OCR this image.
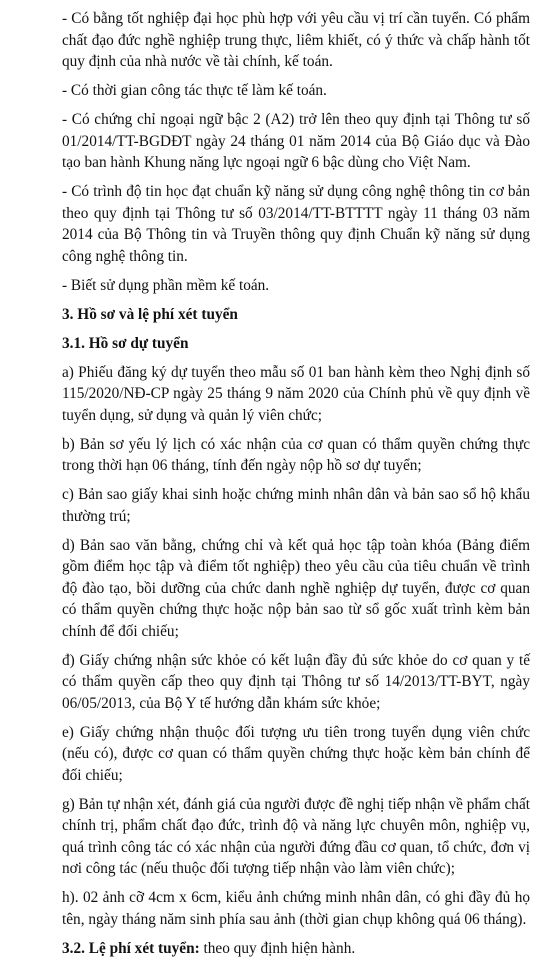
- Có bằng tốt nghiệp đại học phù hợp với yêu cầu vị trí cần tuyển. Có phẩm chất đạo đức nghề nghiệp trung thực, liêm khiết, có ý thức và chấp hành tốt quy định của nhà nước về tài chính, kế toán.

- Có thời gian công tác thực tế làm kế toán.

- Có chứng chỉ ngoại ngữ bậc 2 (A2) trở lên theo quy định tại Thông tư số 01/2014/TT-BGDĐT ngày 24 tháng 01 năm 2014 của Bộ Giáo dục và Đào tạo ban hành Khung năng lực ngoại ngữ 6 bậc dùng cho Việt Nam.

- Có trình độ tin học đạt chuẩn kỹ năng sử dụng công nghệ thông tin cơ bản theo quy định tại Thông tư số 03/2014/TT-BTTTT ngày 11 tháng 03 năm 2014 của Bộ Thông tin và Truyền thông quy định Chuẩn kỹ năng sử dụng công nghệ thông tin.

- Biết sử dụng phần mềm kế toán.

3. Hồ sơ và lệ phí xét tuyển

3.1. Hồ sơ dự tuyển

a) Phiếu đăng ký dự tuyển theo mẫu số 01 ban hành kèm theo Nghị định số 115/2020/NĐ-CP ngày 25 tháng 9 năm 2020 của Chính phủ về quy định về tuyển dụng, sử dụng và quản lý viên chức;

b) Bản sơ yếu lý lịch có xác nhận của cơ quan có thẩm quyền chứng thực trong thời hạn 06 tháng, tính đến ngày nộp hồ sơ dự tuyển;

c) Bản sao giấy khai sinh hoặc chứng minh nhân dân và bản sao sổ hộ khẩu thường trú;

d) Bản sao văn bằng, chứng chỉ và kết quả học tập toàn khóa (Bảng điểm gồm điểm học tập và điểm tốt nghiệp) theo yêu cầu của tiêu chuẩn về trình độ đào tạo, bồi dưỡng của chức danh nghề nghiệp dự tuyển, được cơ quan có thẩm quyền chứng thực hoặc nộp bản sao từ sổ gốc xuất trình kèm bản chính để đối chiếu;

đ) Giấy chứng nhận sức khỏe có kết luận đầy đủ sức khỏe do cơ quan y tế có thẩm quyền cấp theo quy định tại Thông tư số 14/2013/TT-BYT, ngày 06/05/2013, của Bộ Y tế hướng dẫn khám sức khỏe;

e) Giấy chứng nhận thuộc đối tượng ưu tiên trong tuyển dụng viên chức (nếu có), được cơ quan có thẩm quyền chứng thực hoặc kèm bản chính để đối chiếu;

g) Bản tự nhận xét, đánh giá của người được đề nghị tiếp nhận về phẩm chất chính trị, phẩm chất đạo đức, trình độ và năng lực chuyên môn, nghiệp vụ, quá trình công tác có xác nhận của người đứng đầu cơ quan, tổ chức, đơn vị nơi công tác (nếu thuộc đối tượng tiếp nhận vào làm viên chức);

h). 02 ảnh cỡ 4cm x 6cm, kiểu ảnh chứng minh nhân dân, có ghi đầy đủ họ tên, ngày tháng năm sinh phía sau ảnh (thời gian chụp không quá 06 tháng).

3.2. Lệ phí xét tuyển: theo quy định hiện hành.
